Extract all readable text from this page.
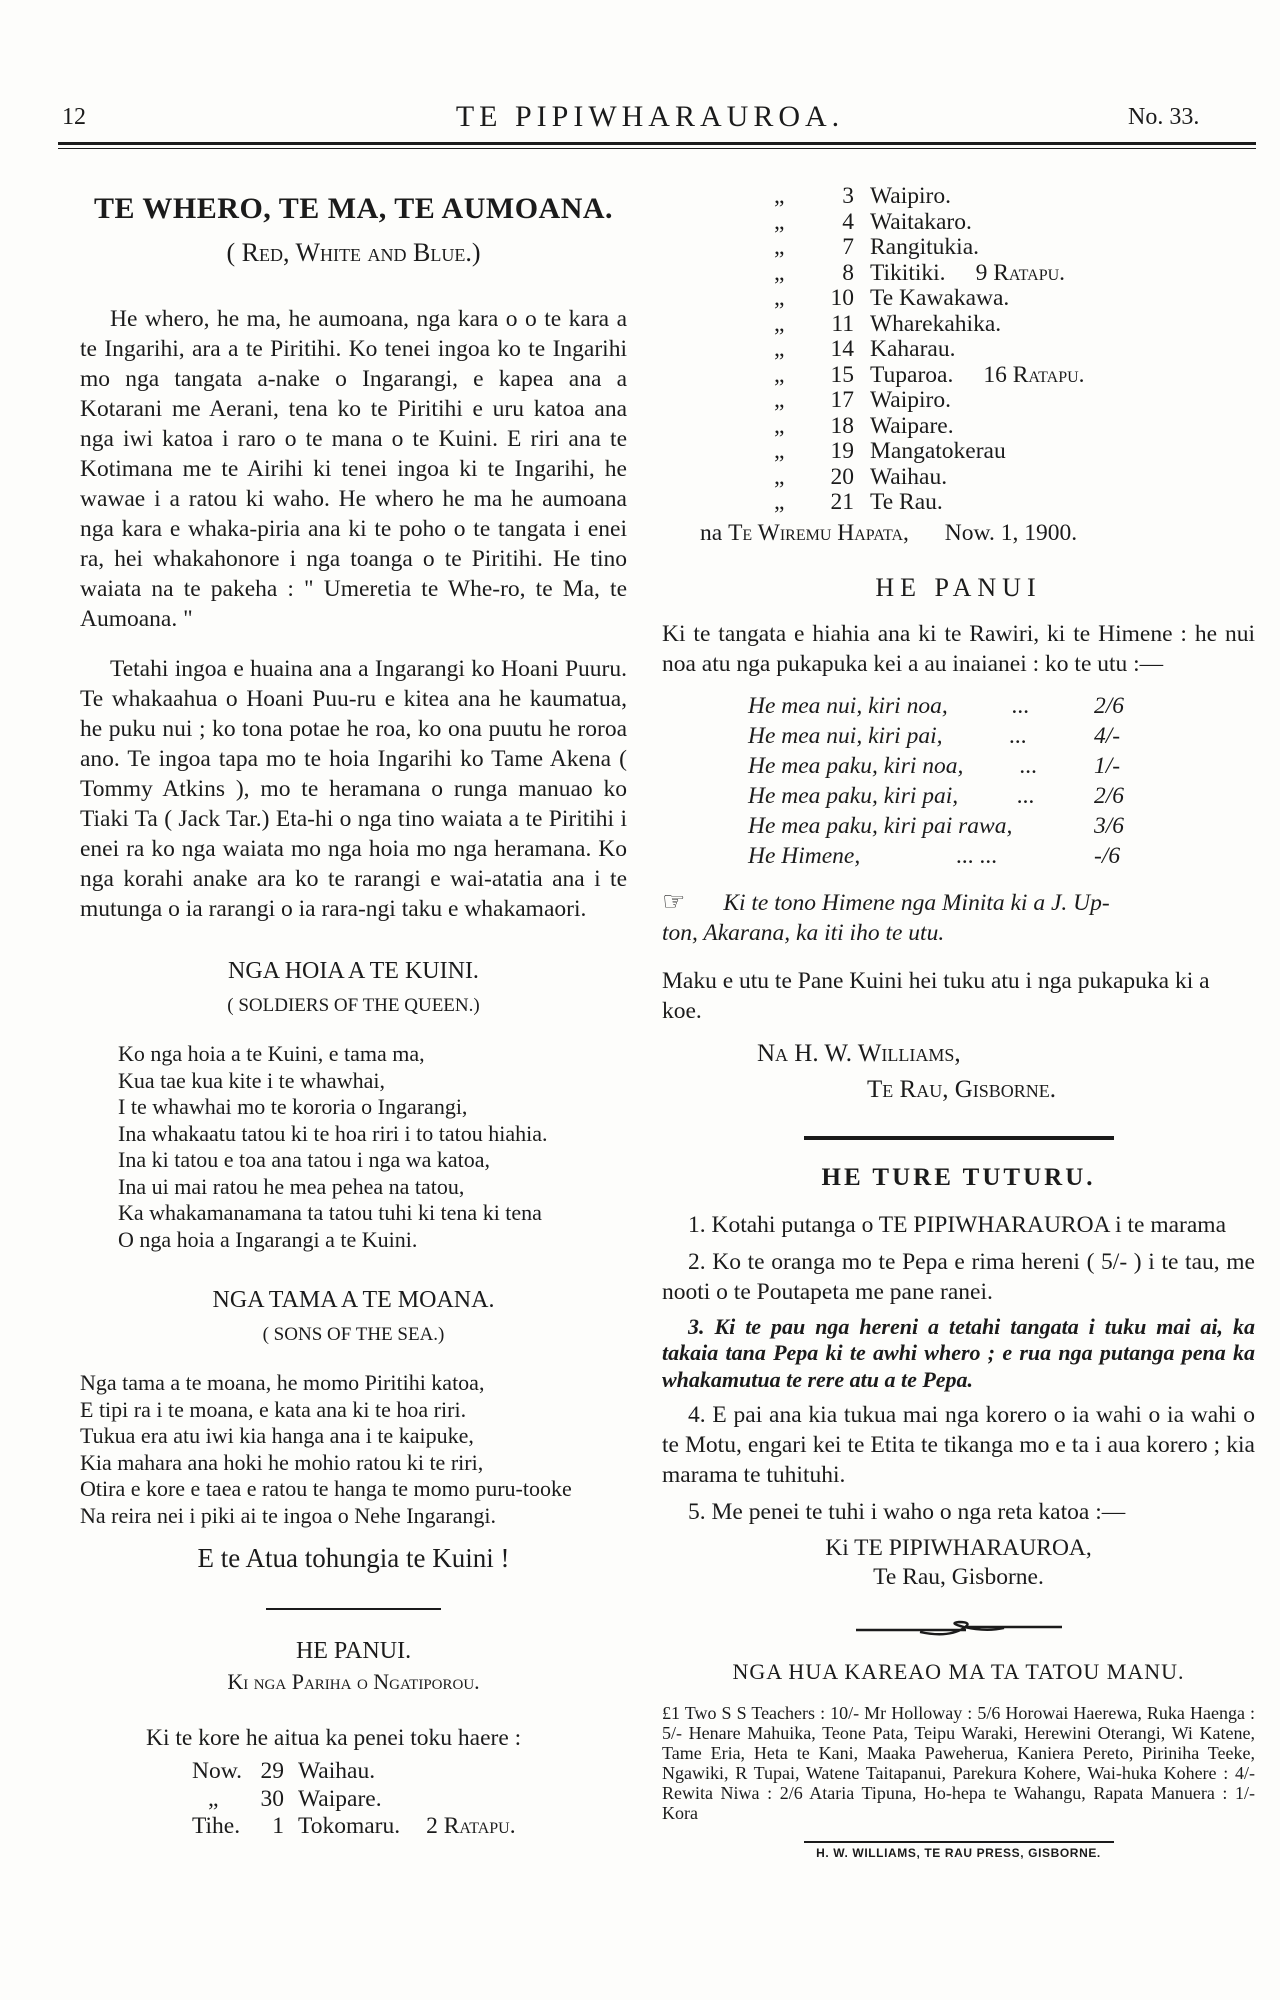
12	TE PIPIWHARAUROA.	No. 33.
TE WHERO, TE MA, TE AUMOANA.
( Red, White and Blue.)

He whero, he ma, he aumoana, nga kara o o te kara a te Ingarihi, ara a te Piritihi. Ko tenei ingoa ko te Ingarihi mo nga tangata a-nake o Ingarangi, e kapea ana a Kotarani me Aerani, tena ko te Piritihi e uru katoa ana nga iwi katoa i raro o te mana o te Kuini. E riri ana te Kotimana me te Airihi ki tenei ingoa ki te Ingarihi, he wawae i a ratou ki waho. He whero he ma he aumoana nga kara e whaka-piria ana ki te poho o te tangata i enei ra, hei whakahonore i nga toanga o te Piritihi. He tino waiata na te pakeha : " Umeretia te Whe-ro, te Ma, te Aumoana. "

Tetahi ingoa e huaina ana a Ingarangi ko Hoani Puuru. Te whakaahua o Hoani Puu-ru e kitea ana he kaumatua, he puku nui ; ko tona potae he roa, ko ona puutu he roroa ano. Te ingoa tapa mo te hoia Ingarihi ko Tame Akena ( Tommy Atkins ), mo te heramana o runga manuao ko Tiaki Ta ( Jack Tar.) Eta-hi o nga tino waiata a te Piritihi i enei ra ko nga waiata mo nga hoia mo nga heramana. Ko nga korahi anake ara ko te rarangi e wai-atatia ana i te mutunga o ia rarangi o ia rara-ngi taku e whakamaori.

NGA HOIA A TE KUINI.
( SOLDIERS OF THE QUEEN.)
Ko nga hoia a te Kuini, e tama ma,
Kua tae kua kite i te whawhai,
I te whawhai mo te kororia o Ingarangi,
Ina whakaatu tatou ki te hoa riri i to tatou hiahia.
Ina ki tatou e toa ana tatou i nga wa katoa,
Ina ui mai ratou he mea pehea na tatou,
Ka whakamanamana ta tatou tuhi ki tena ki tena
O nga hoia a Ingarangi a te Kuini.
NGA TAMA A TE MOANA.
( SONS OF THE SEA.)
Nga tama a te moana, he momo Piritihi katoa,
E tipi ra i te moana, e kata ana ki te hoa riri.
Tukua era atu iwi kia hanga ana i te kaipuke,
Kia mahara ana hoki he mohio ratou ki te riri,
Otira e kore e taea e ratou te hanga te momo puru-tooke
Na reira nei i piki ai te ingoa o Nehe Ingarangi.
E te Atua tohungia te Kuini !
HE PANUI.
Ki nga Pariha o Ngatiporou.
Ki te kore he aitua ka penei toku haere :
Now. 29 Waihau.
„	30 Waipare.
Tihe.	1 Tokomaru. 2 Ratapu.
„	3 Waipiro.
„	4 Waitakaro.
„	7 Rangitukia.
„	8 Tikitiki. 9 Ratapu.
„	10 Te Kawakawa.
„	11 Wharekahika.
„	14 Kaharau.
„	15 Tuparoa. 16 Ratapu.
„	17 Waipiro.
„	18 Waipare.
„	19 Mangatokerau
„	20 Waihau.
„	21 Te Rau.
na Te Wiremu Hapata, Now. 1, 1900.
HE PANUI

Ki te tangata e hiahia ana ki te Rawiri, ki te Himene : he nui noa atu nga pukapuka kei a au inaianei : ko te utu :—

He mea nui, kiri noa,	...	2/6
He mea nui, kiri pai,	...	4/-
He mea paku, kiri noa,	...	1/-
He mea paku, kiri pai,	...	2/6
He mea paku, kiri pai rawa,	3/6
He Himene,	... ...	-/6
☞ Ki te tono Himene nga Minita ki a J. Up-
ton, Akarana, ka iti iho te utu.

Maku e utu te Pane Kuini hei tuku atu i nga pukapuka ki a koe.

Na H. W. Williams,
Te Rau, Gisborne.
HE TURE TUTURU.

1. Kotahi putanga o TE PIPIWHARAUROA i te marama

2. Ko te oranga mo te Pepa e rima hereni ( 5/- ) i te tau, me nooti o te Poutapeta me pane ranei.

3. Ki te pau nga hereni a tetahi tangata i tuku mai ai, ka takaia tana Pepa ki te awhi whero ; e rua nga putanga pena ka whakamutua te rere atu a te Pepa.

4. E pai ana kia tukua mai nga korero o ia wahi o ia wahi o te Motu, engari kei te Etita te tikanga mo e ta i aua korero ; kia marama te tuhituhi.

5. Me penei te tuhi i waho o nga reta katoa :—

Ki TE PIPIWHARAUROA,
Te Rau, Gisborne.
NGA HUA KAREAO MA TA TATOU MANU.

£1 Two S S Teachers : 10/- Mr Holloway : 5/6 Horowai Haerewa, Ruka Haenga : 5/- Henare Mahuika, Teone Pata, Teipu Waraki, Herewini Oterangi, Wi Katene, Tame Eria, Heta te Kani, Maaka Paweherua, Kaniera Pereto, Piriniha Teeke, Ngawiki, R Tupai, Watene Taitapanui, Parekura Kohere, Wai-huka Kohere : 4/- Rewita Niwa : 2/6 Ataria Tipuna, Ho-hepa te Wahangu, Rapata Manuera : 1/- Kora

H. W. WILLIAMS, TE RAU PRESS, GISBORNE.
